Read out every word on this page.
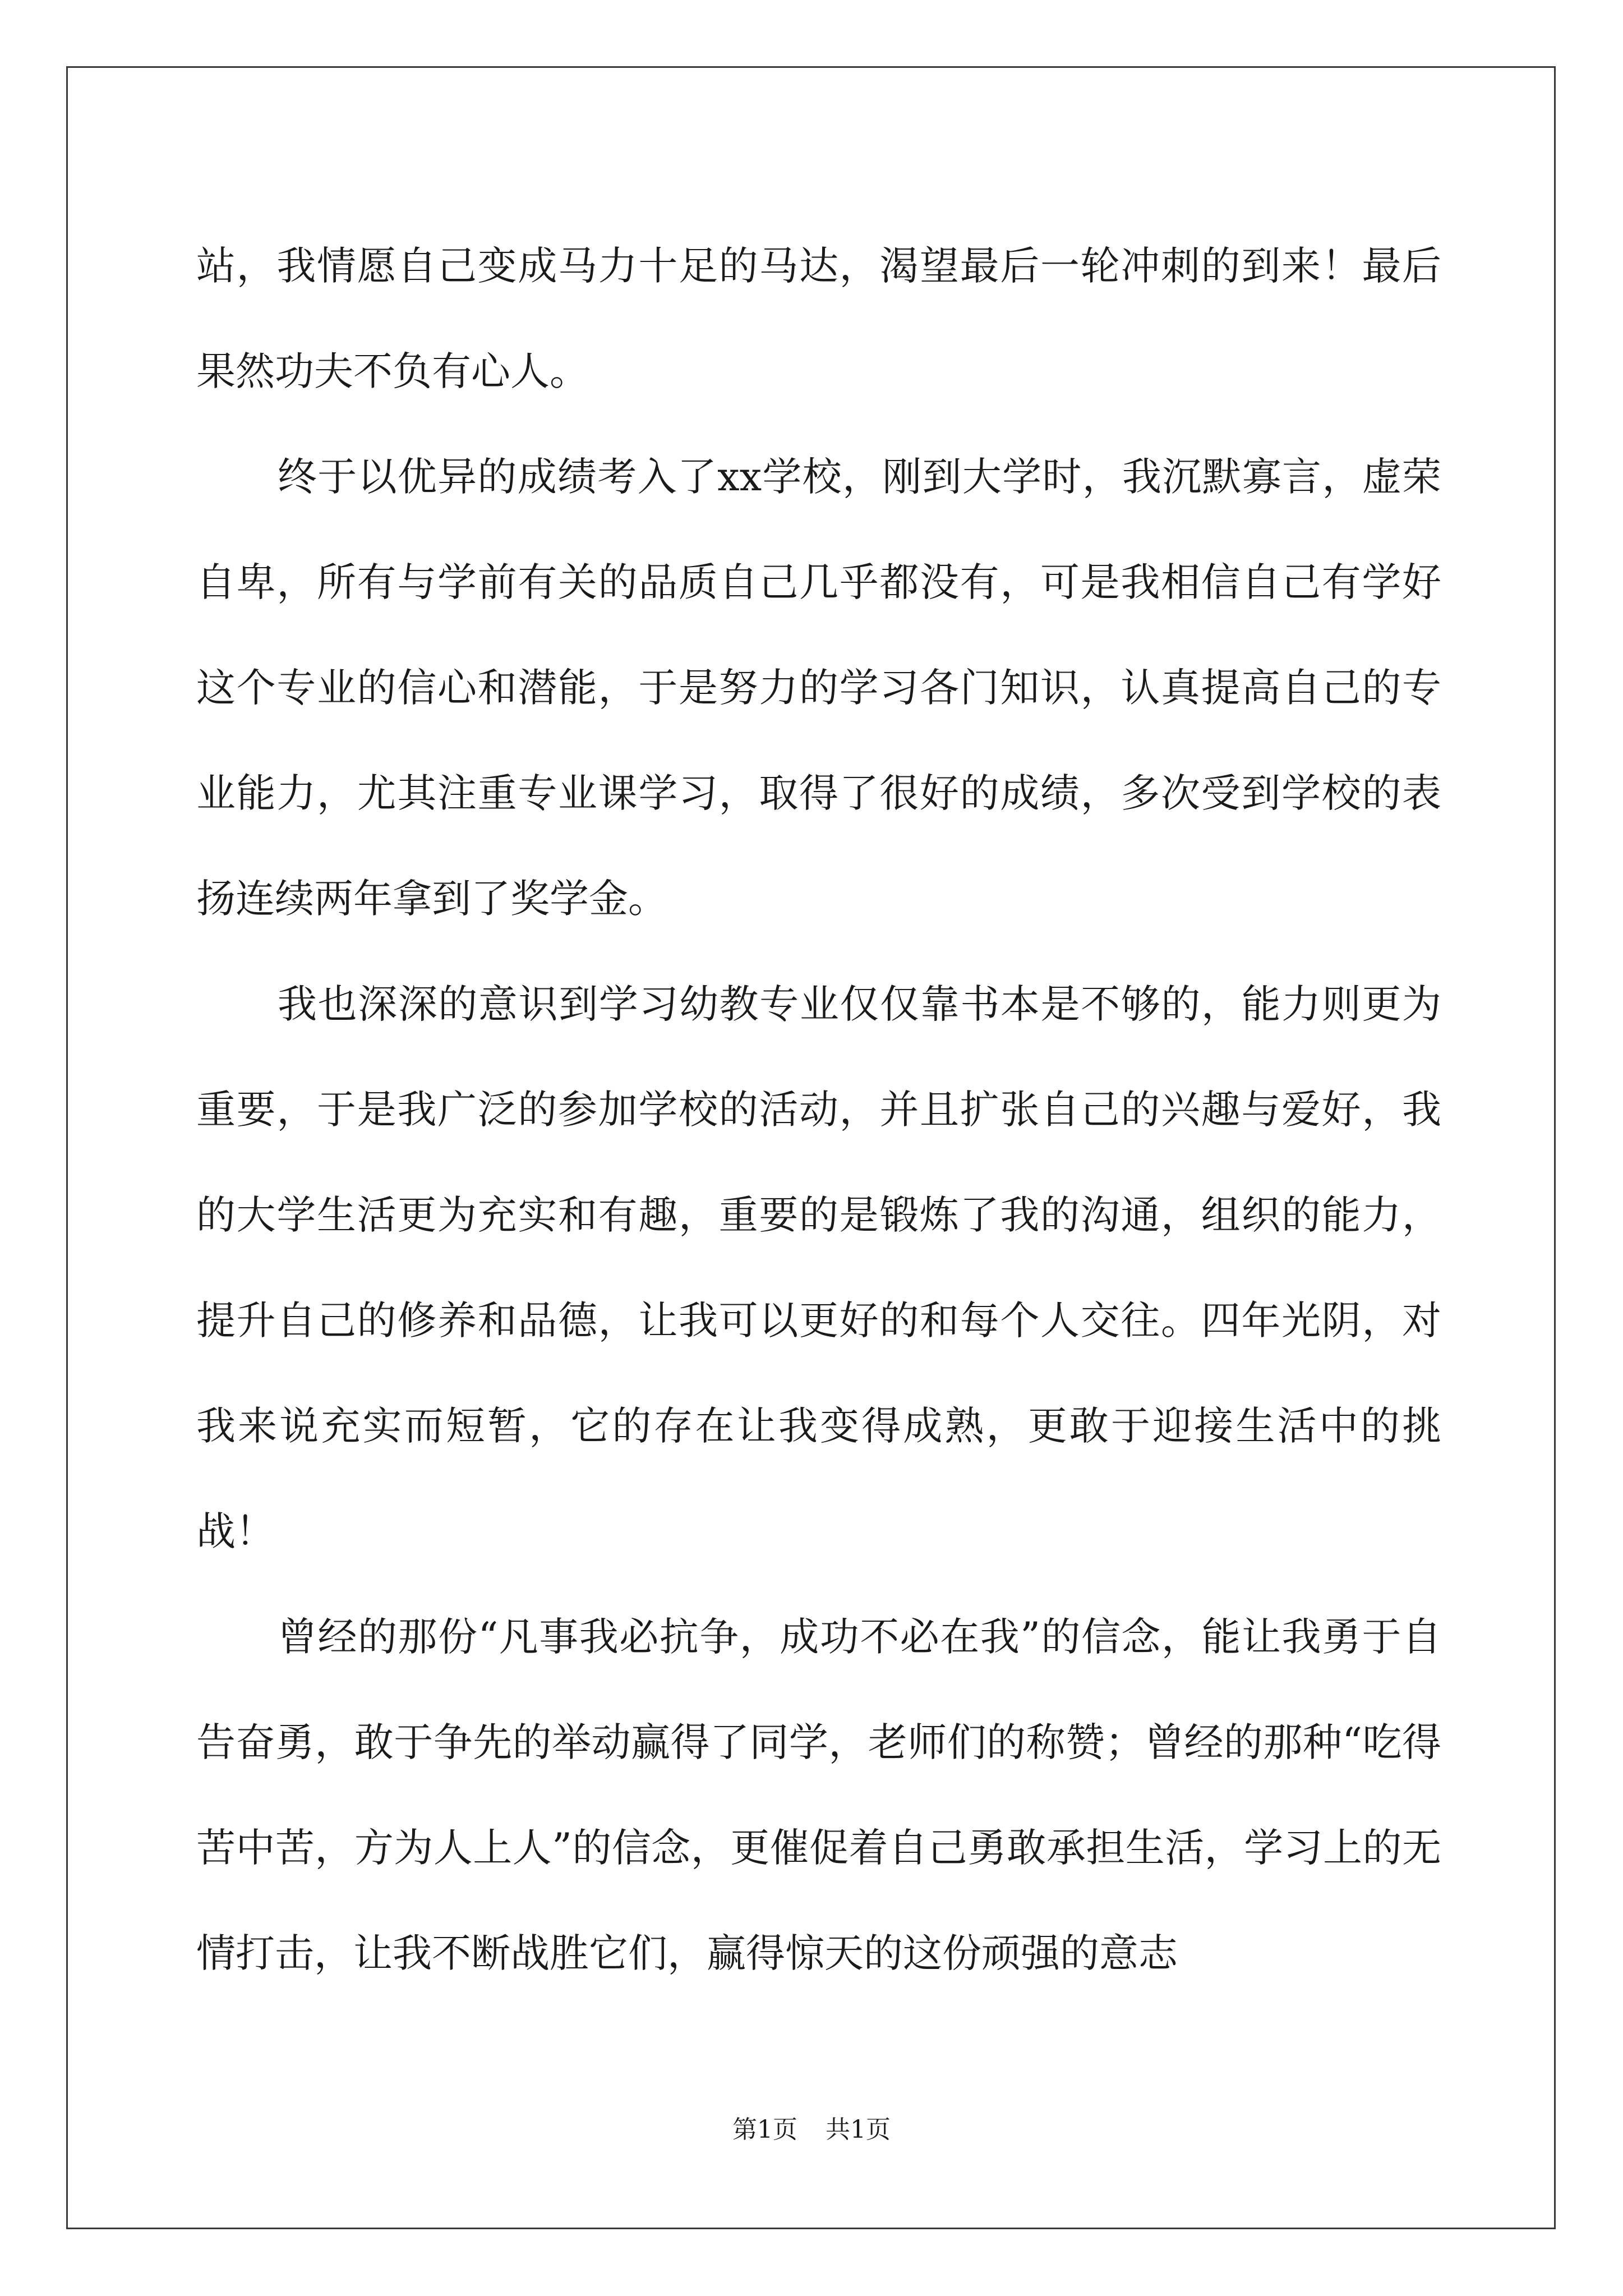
站，我情愿自己变成马力十足的马达，渴望最后一轮冲刺的到来！最后果然功夫不负有心人。

终于以优异的成绩考入了xx学校，刚到大学时，我沉默寡言，虚荣自卑，所有与学前有关的品质自己几乎都没有，可是我相信自己有学好这个专业的信心和潜能，于是努力的学习各门知识，认真提高自己的专业能力，尤其注重专业课学习，取得了很好的成绩，多次受到学校的表扬连续两年拿到了奖学金。

我也深深的意识到学习幼教专业仅仅靠书本是不够的，能力则更为重要，于是我广泛的参加学校的活动，并且扩张自己的兴趣与爱好，我的大学生活更为充实和有趣，重要的是锻炼了我的沟通，组织的能力，提升自己的修养和品德，让我可以更好的和每个人交往。四年光阴，对我来说充实而短暂，它的存在让我变得成熟，更敢于迎接生活中的挑战！

曾经的那份“凡事我必抗争，成功不必在我”的信念，能让我勇于自告奋勇，敢于争先的举动赢得了同学，老师们的称赞；曾经的那种“吃得苦中苦，方为人上人”的信念，更催促着自己勇敢承担生活，学习上的无情打击，让我不断战胜它们，赢得惊天的这份顽强的意志

第1页 共1页
